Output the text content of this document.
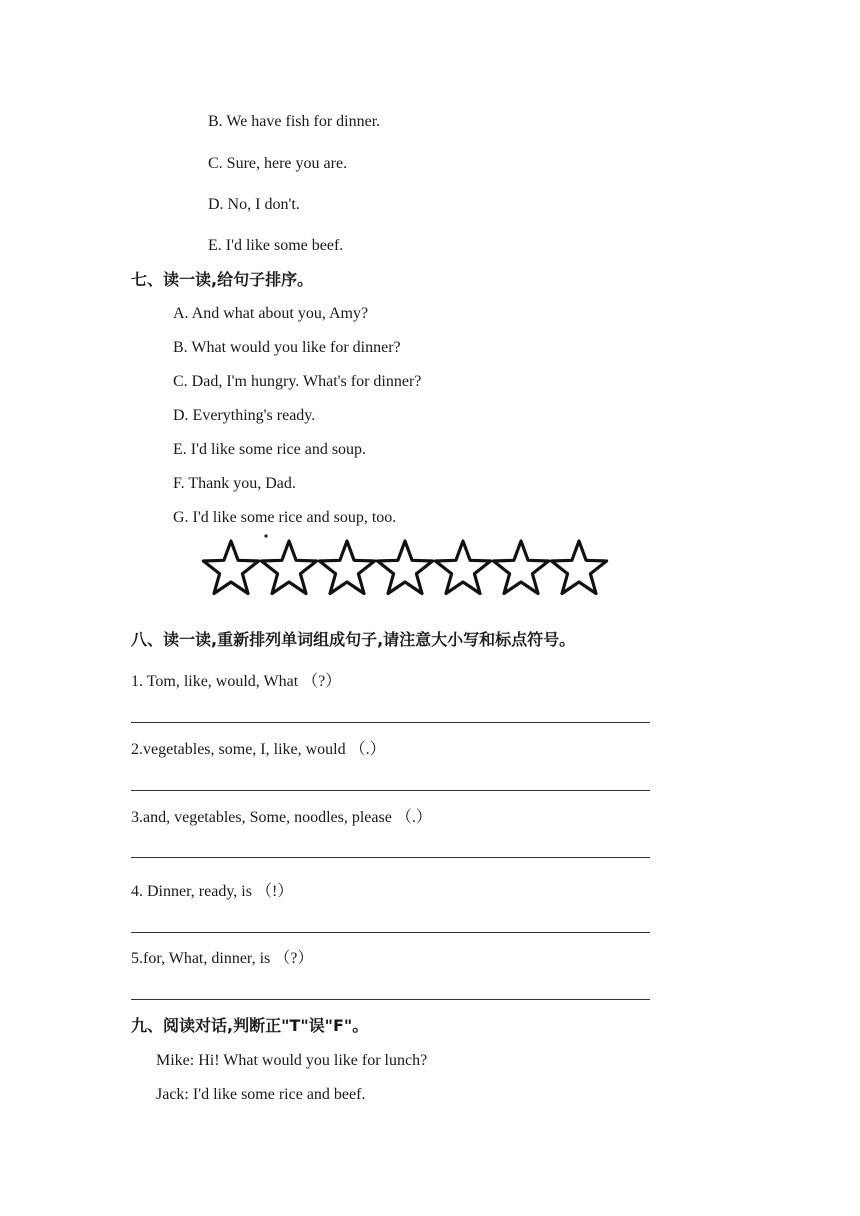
B. We have fish for dinner.
C. Sure, here you are.
D. No, I don't.
E. I'd like some beef.
七、读一读,给句子排序。
A. And what about you, Amy?
B. What would you like for dinner?
C. Dad, I'm hungry. What's for dinner?
D. Everything's ready.
E. I'd like some rice and soup.
F. Thank you, Dad.
G. I'd like some rice and soup, too.
八、读一读,重新排列单词组成句子,请注意大小写和标点符号。
1. Tom, like, would, What （?）
2.vegetables, some, I, like, would （.）
3.and, vegetables, Some, noodles, please （.）
4. Dinner, ready, is （!）
5.for, What, dinner, is （?）
九、阅读对话,判断正"T"误"F"。
Mike: Hi! What would you like for lunch?
Jack: I'd like some rice and beef.
